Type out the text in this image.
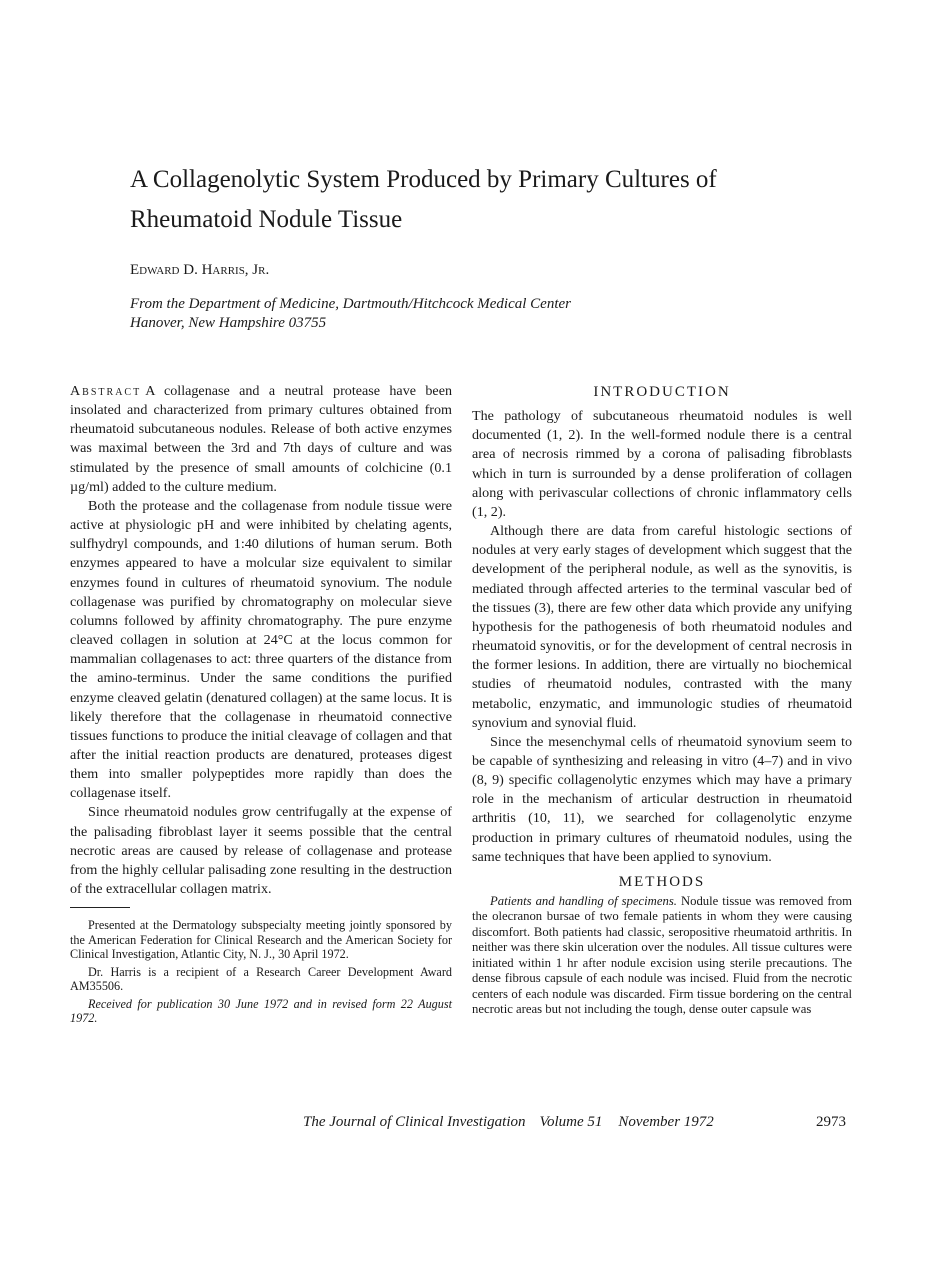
A Collagenolytic System Produced by Primary Cultures of Rheumatoid Nodule Tissue
Edward D. Harris, Jr.
From the Department of Medicine, Dartmouth/Hitchcock Medical Center
Hanover, New Hampshire 03755

Abstract A collagenase and a neutral protease have been insolated and characterized from primary cultures obtained from rheumatoid subcutaneous nodules. Release of both active enzymes was maximal between the 3rd and 7th days of culture and was stimulated by the presence of small amounts of colchicine (0.1 µg/ml) added to the culture medium.

Both the protease and the collagenase from nodule tissue were active at physiologic pH and were inhibited by chelating agents, sulfhydryl compounds, and 1:40 dilutions of human serum. Both enzymes appeared to have a molcular size equivalent to similar enzymes found in cultures of rheumatoid synovium. The nodule collagenase was purified by chromatography on molecular sieve columns followed by affinity chromatography. The pure enzyme cleaved collagen in solution at 24°C at the locus common for mammalian collagenases to act: three quarters of the distance from the amino-terminus. Under the same conditions the purified enzyme cleaved gelatin (denatured collagen) at the same locus. It is likely therefore that the collagenase in rheumatoid connective tissues functions to produce the initial cleavage of collagen and that after the initial reaction products are denatured, proteases digest them into smaller polypeptides more rapidly than does the collagenase itself.

Since rheumatoid nodules grow centrifugally at the expense of the palisading fibroblast layer it seems possible that the central necrotic areas are caused by release of collagenase and protease from the highly cellular palisading zone resulting in the destruction of the extracellular collagen matrix.

Presented at the Dermatology subspecialty meeting jointly sponsored by the American Federation for Clinical Research and the American Society for Clinical Investigation, Atlantic City, N. J., 30 April 1972.

Dr. Harris is a recipient of a Research Career Development Award AM35506.

Received for publication 30 June 1972 and in revised form 22 August 1972.

INTRODUCTION

The pathology of subcutaneous rheumatoid nodules is well documented (1, 2). In the well-formed nodule there is a central area of necrosis rimmed by a corona of palisading fibroblasts which in turn is surrounded by a dense proliferation of collagen along with perivascular collections of chronic inflammatory cells (1, 2).

Although there are data from careful histologic sections of nodules at very early stages of development which suggest that the development of the peripheral nodule, as well as the synovitis, is mediated through affected arteries to the terminal vascular bed of the tissues (3), there are few other data which provide any unifying hypothesis for the pathogenesis of both rheumatoid nodules and rheumatoid synovitis, or for the development of central necrosis in the former lesions. In addition, there are virtually no biochemical studies of rheumatoid nodules, contrasted with the many metabolic, enzymatic, and immunologic studies of rheumatoid synovium and synovial fluid.

Since the mesenchymal cells of rheumatoid synovium seem to be capable of synthesizing and releasing in vitro (4–7) and in vivo (8, 9) specific collagenolytic enzymes which may have a primary role in the mechanism of articular destruction in rheumatoid arthritis (10, 11), we searched for collagenolytic enzyme production in primary cultures of rheumatoid nodules, using the same techniques that have been applied to synovium.

METHODS

Patients and handling of specimens. Nodule tissue was removed from the olecranon bursae of two female patients in whom they were causing discomfort. Both patients had classic, seropositive rheumatoid arthritis. In neither was there skin ulceration over the nodules. All tissue cultures were initiated within 1 hr after nodule excision using sterile precautions. The dense fibrous capsule of each nodule was incised. Fluid from the necrotic centers of each nodule was discarded. Firm tissue bordering on the central necrotic areas but not including the tough, dense outer capsule was

The Journal of Clinical Investigation Volume 51 November 1972	2973
